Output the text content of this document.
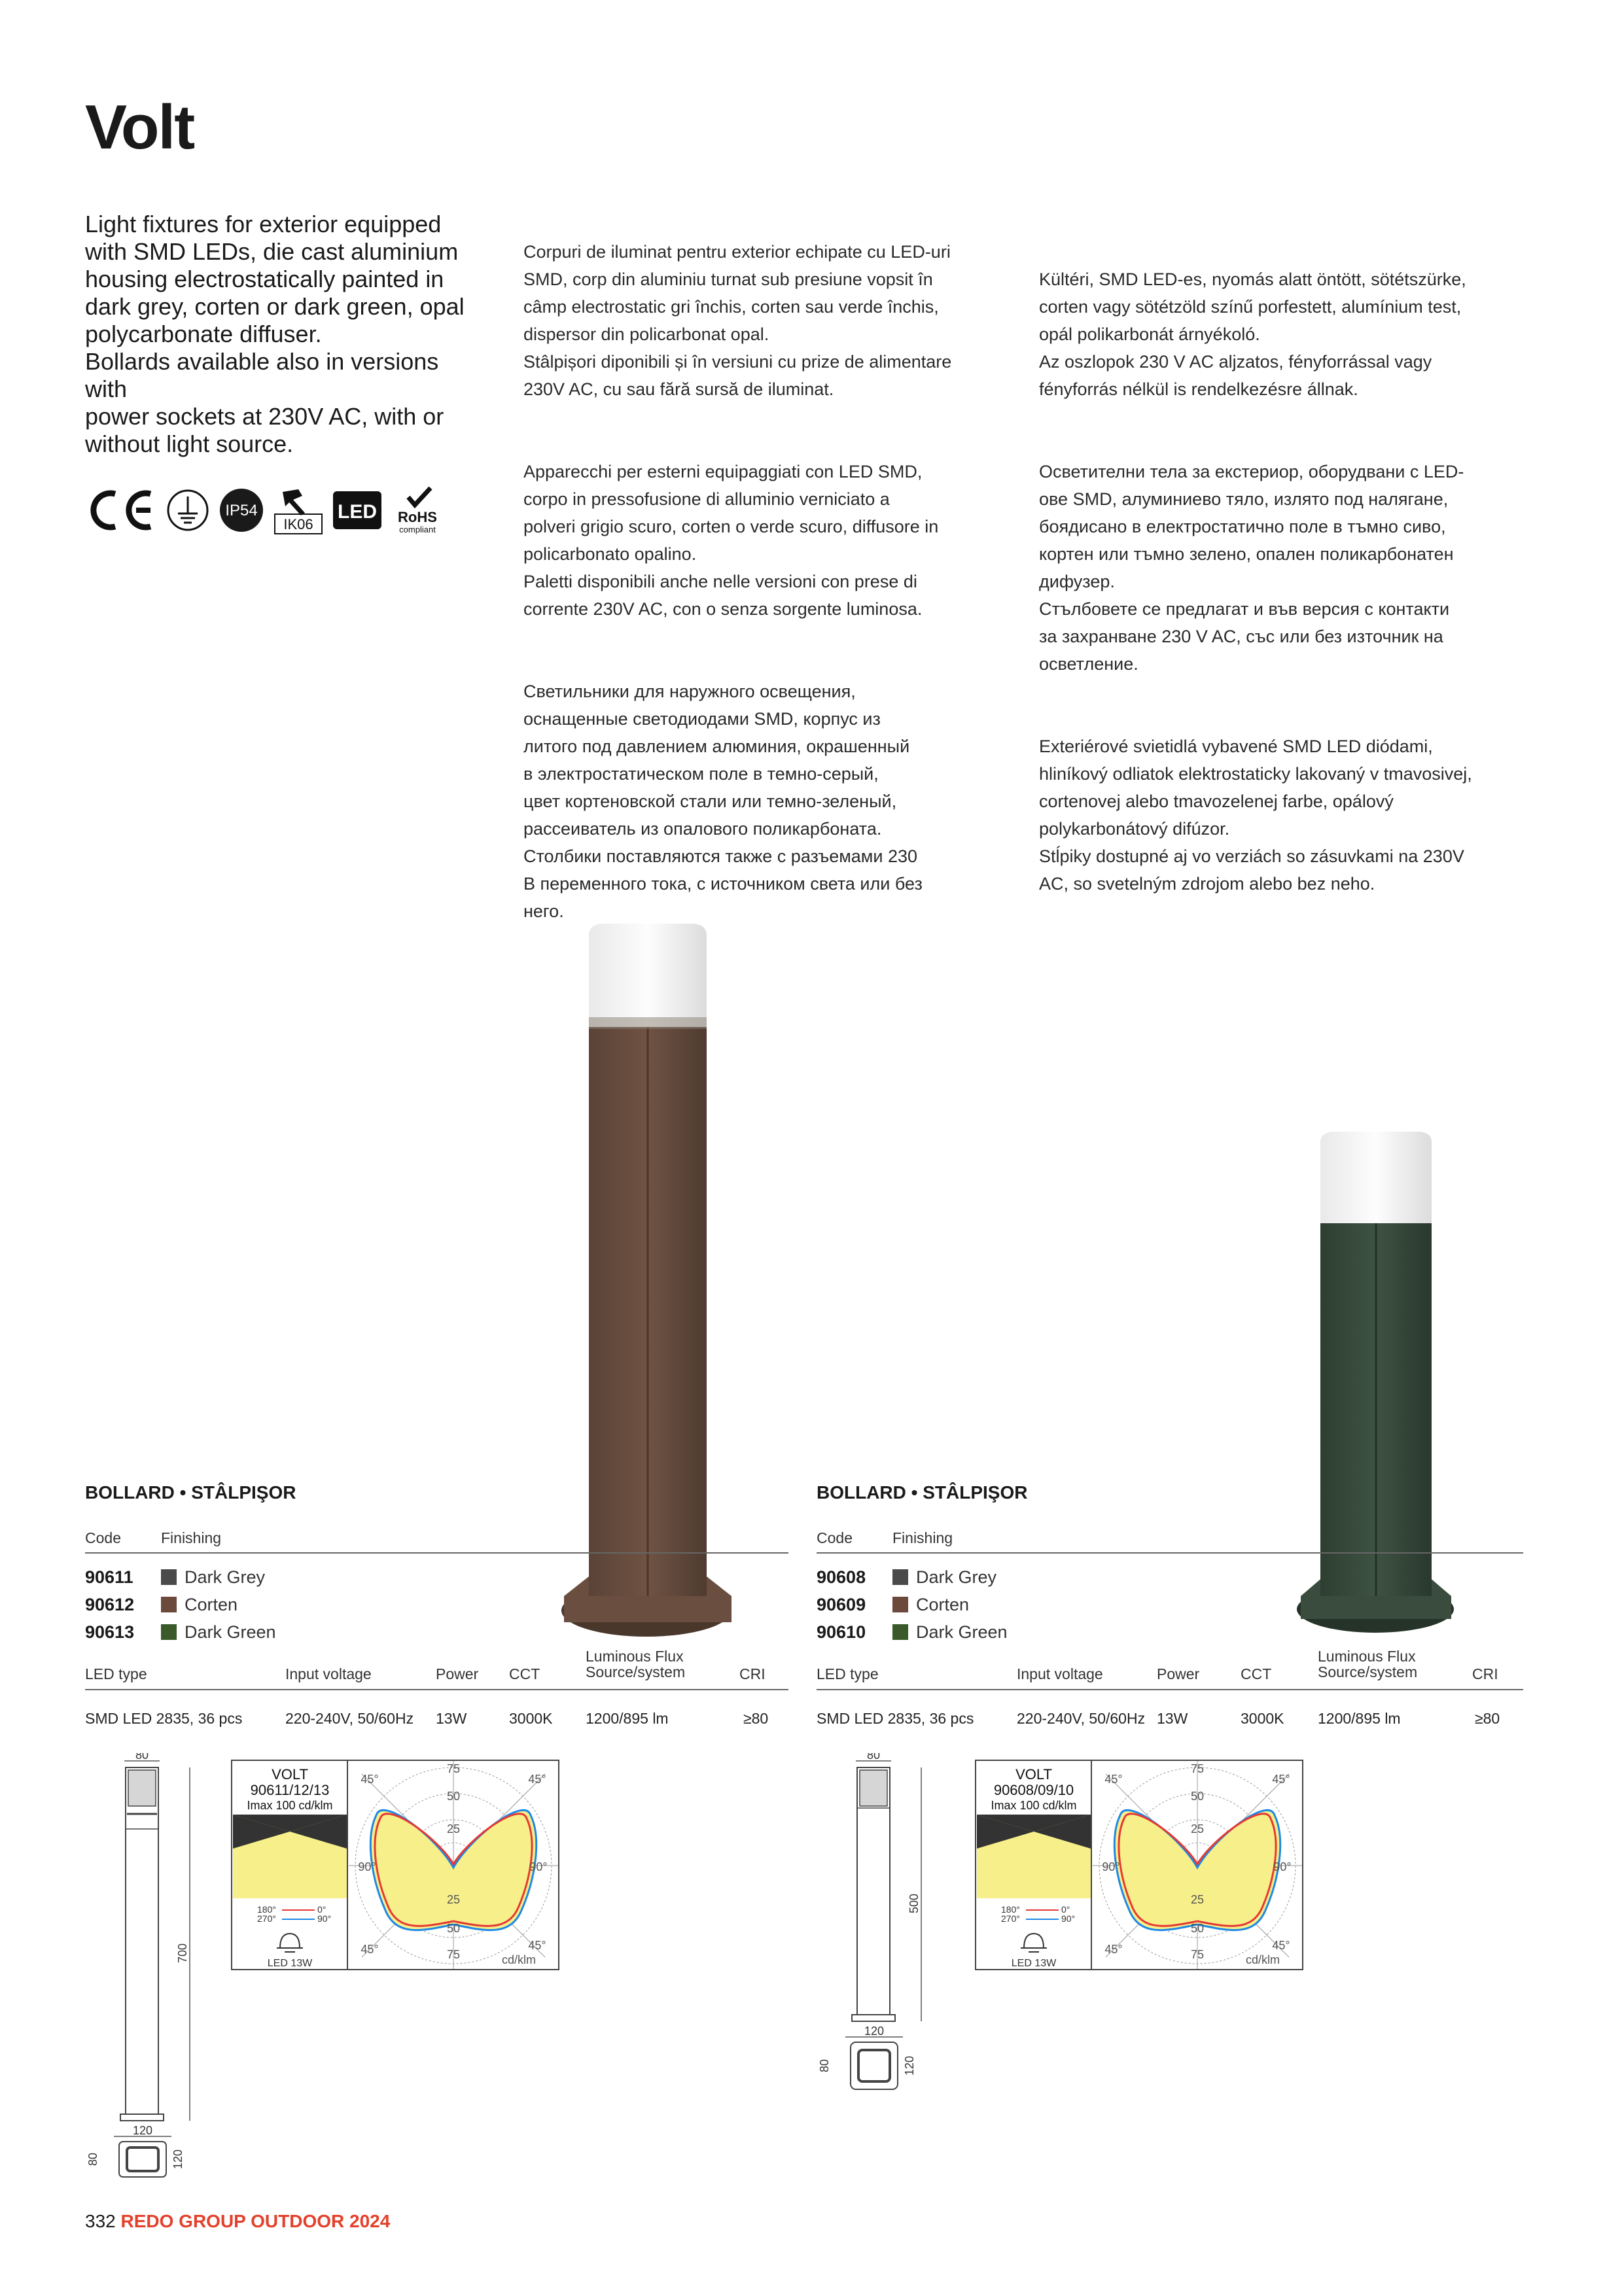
Volt
Light fixtures for exterior equipped
with SMD LEDs, die cast aluminium
housing electrostatically painted in
dark grey, corten or dark green, opal
polycarbonate diffuser.
Bollards available also in versions with
power sockets at 230V AC, with or
without light source.
IP54
IK06
LED RoHS
compliant

Corpuri de iluminat pentru exterior echipate cu LED-uri
SMD, corp din aluminiu turnat sub presiune vopsit în
câmp electrostatic gri închis, corten sau verde închis,
dispersor din policarbonat opal.
Stâlpișori diponibili și în versiuni cu prize de alimentare
230V AC, cu sau fără sursă de iluminat.

Apparecchi per esterni equipaggiati con LED SMD,
corpo in pressofusione di alluminio verniciato a
polveri grigio scuro, corten o verde scuro, diffusore in
policarbonato opalino.
Paletti disponibili anche nelle versioni con prese di
corrente 230V AC, con o senza sorgente luminosa.

Светильники для наружного освещения,
оснащенные светодиодами SMD, корпус из
литого под давлением алюминия, окрашенный
в электростатическом поле в темно-серый,
цвет кортеновской стали или темно-зеленый,
рассеиватель из опалового поликарбоната.
Столбики поставляются также с разъемами 230
В переменного тока, с источником света или без
него.

Kültéri, SMD LED-es, nyomás alatt öntött, sötétszürke,
corten vagy sötétzöld színű porfestett, alumínium test,
opál polikarbonát árnyékoló.
Az oszlopok 230 V AC aljzatos, fényforrással vagy
fényforrás nélkül is rendelkezésre állnak.

Осветителни тела за екстериор, оборудвани с LED-
ове SMD, алуминиево тяло, излято под налягане,
боядисано в електростатично поле в тъмно сиво,
кортен или тъмно зелено, опален поликарбонатен
дифузер.
Стълбовете се предлагат и във версия с контакти
за захранване 230 V AC, със или без източник на
осветление.

Exteriérové svietidlá vybavené SMD LED diódami,
hliníkový odliatok elektrostaticky lakovaný v tmavosivej,
cortenovej alebo tmavozelenej farbe, opálový
polykarbonátový difúzor.
Stĺpiky dostupné aj vo verziách so zásuvkami na 230V
AC, so svetelným zdrojom alebo bez neho.

BOLLARD • STÂLPIŞOR
Code	Finishing
90611	Dark Grey
90612	Corten
90613	Dark Green
LED type	Input voltage	Power CCT
Luminous Flux
Source/system	CRI
SMD LED 2835, 36 pcs	220-240V, 50/60Hz 13W	3000K 1200/895 lm	≥80
80
700
120
80	120
VOLT
90611/12/13
Imax 100 cd/klm
180°
270°
0°
90°
LED 13W
75
50
25
25
50
75
45°	45°
90°	90°
45°	45°
cd/klm
BOLLARD • STÂLPIŞOR
Code	Finishing
90608	Dark Grey
90609	Corten
90610	Dark Green
LED type	Input voltage	Power	CCT
Luminous Flux
Source/system	CRI
SMD LED 2835, 36 pcs	220-240V, 50/60Hz 13W	3000K 1200/895 lm	≥80
80
500
120
80	120
VOLT
90608/09/10
Imax 100 cd/klm
180°
270°
0°
90°
LED 13W
75
50
25
25
50
75
45°	45°
90°	90°
45°	45°
cd/klm
332 REDO GROUP OUTDOOR 2024
